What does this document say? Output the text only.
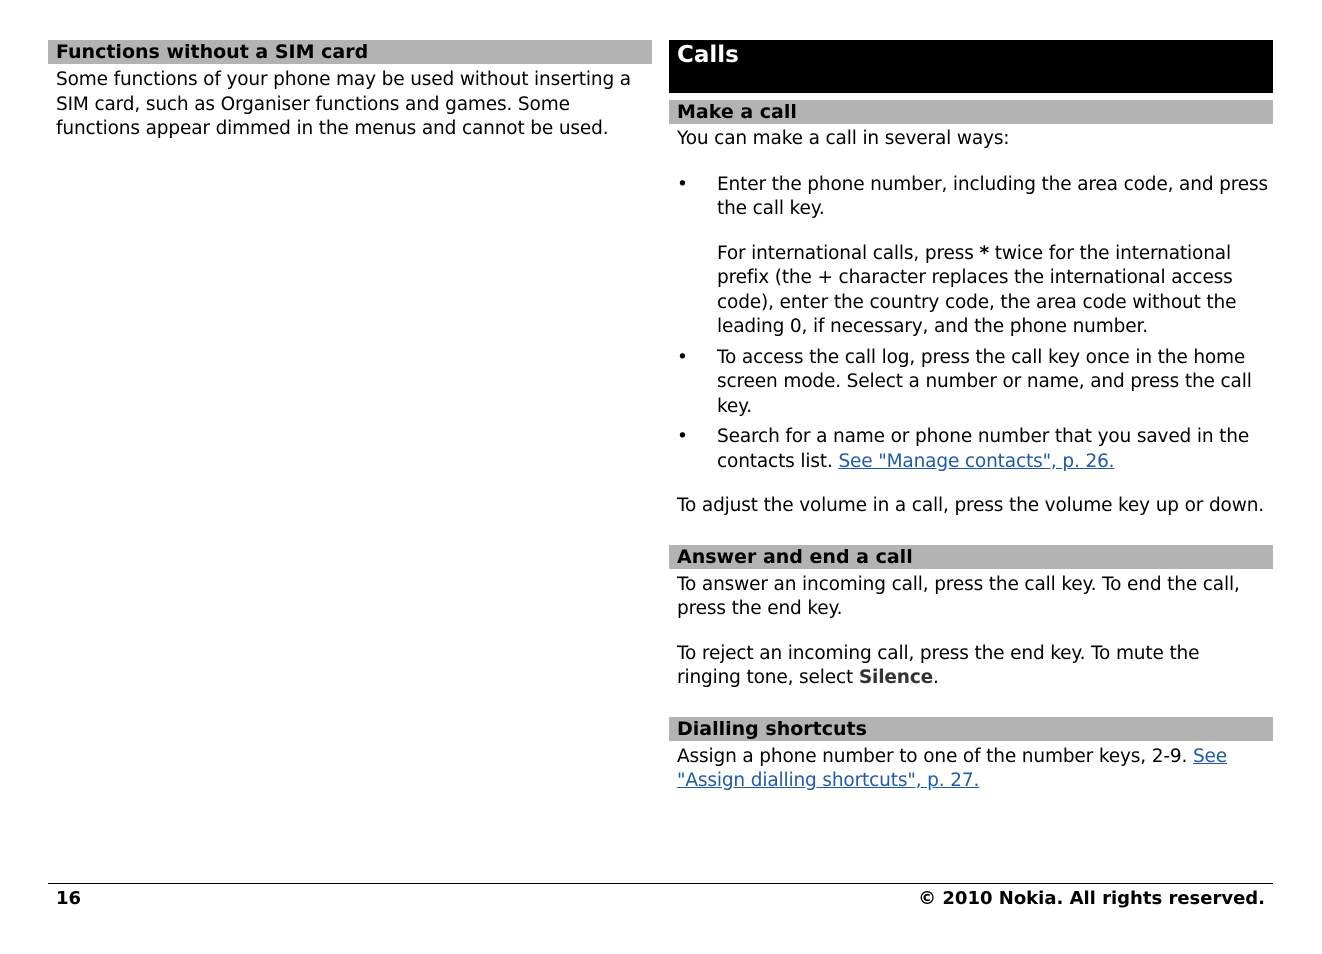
Functions without a SIM card

Some functions of your phone may be used without inserting a SIM card, such as Organiser functions and games. Some functions appear dimmed in the menus and cannot be used.

Calls
Make a call

You can make a call in several ways:

• Enter the phone number, including the area code, and press the call key.
For international calls, press * twice for the international prefix (the + character replaces the international access code), enter the country code, the area code without the leading 0, if necessary, and the phone number.
• To access the call log, press the call key once in the home screen mode. Select a number or name, and press the call key.
• Search for a name or phone number that you saved in the contacts list. See "Manage contacts", p. 26.

To adjust the volume in a call, press the volume key up or down.

Answer and end a call

To answer an incoming call, press the call key. To end the call, press the end key.

To reject an incoming call, press the end key. To mute the ringing tone, select Silence.

Dialling shortcuts

Assign a phone number to one of the number keys, 2-9. See "Assign dialling shortcuts", p. 27.

16	© 2010 Nokia. All rights reserved.
